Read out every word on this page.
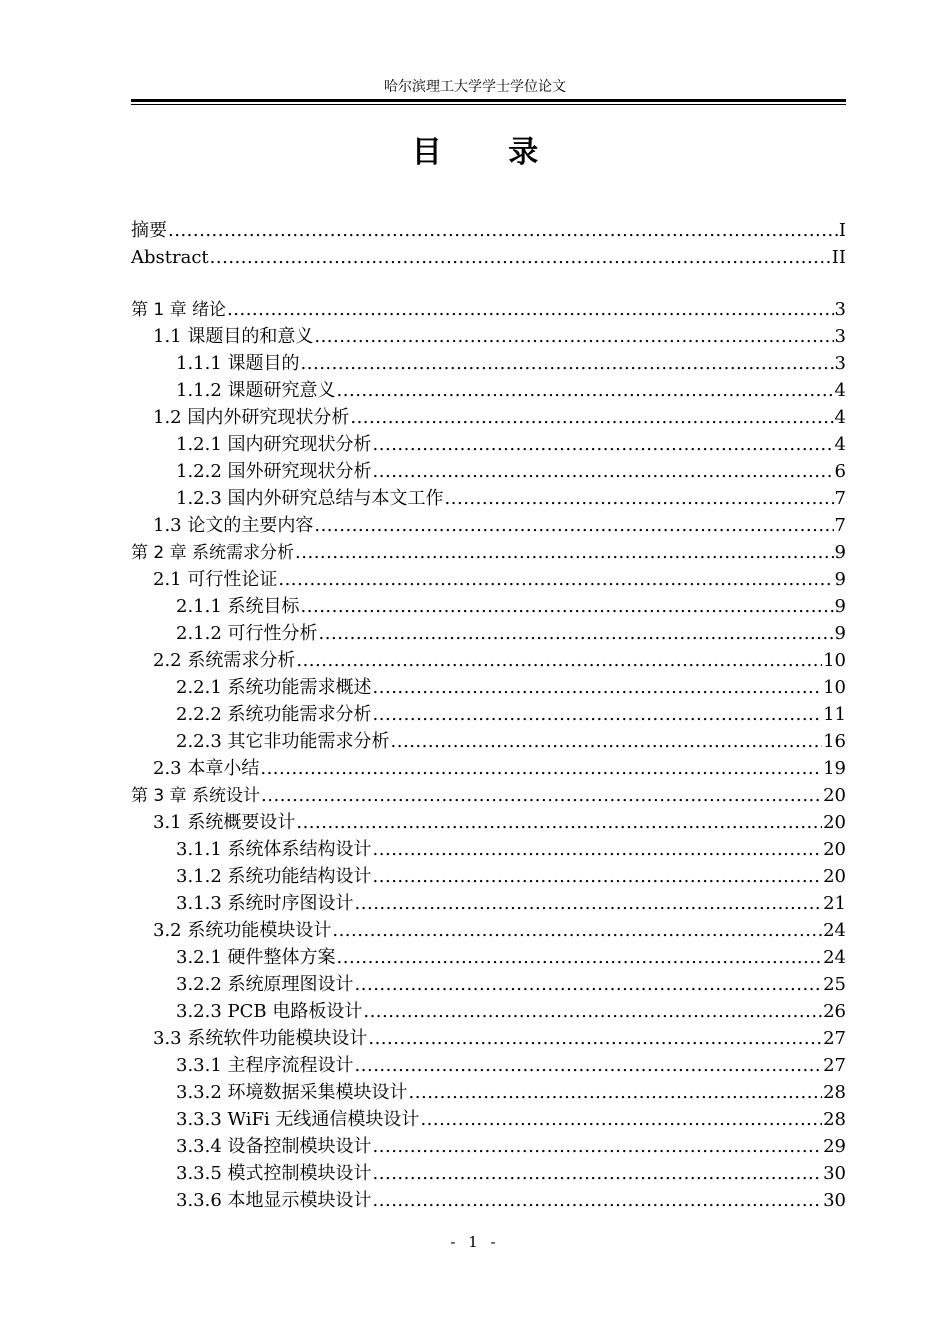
哈尔滨理工大学学士学位论文
目 录
摘要 .....	I
Abstract .....	II
第 1 章 绪论 .....	3
1.1 课题目的和意义 .....	3
1.1.1 课题目的 .....	3
1.1.2 课题研究意义 .....	4
1.2 国内外研究现状分析 .....	4
1.2.1 国内研究现状分析 .....	4
1.2.2 国外研究现状分析 .....	6
1.2.3 国内外研究总结与本文工作 .....	7
1.3 论文的主要内容 .....	7
第 2 章 系统需求分析 .....	9
2.1 可行性论证 .....	9
2.1.1 系统目标 .....	9
2.1.2 可行性分析 .....	9
2.2 系统需求分析 .....	10
2.2.1 系统功能需求概述 .....	10
2.2.2 系统功能需求分析 .....	11
2.2.3 其它非功能需求分析 .....	16
2.3 本章小结 .....	19
第 3 章 系统设计 .....	20
3.1 系统概要设计 .....	20
3.1.1 系统体系结构设计 .....	20
3.1.2 系统功能结构设计 .....	20
3.1.3 系统时序图设计 .....	21
3.2 系统功能模块设计 .....	24
3.2.1 硬件整体方案 .....	24
3.2.2 系统原理图设计 .....	25
3.2.3 PCB 电路板设计 .....	26
3.3 系统软件功能模块设计 .....	27
3.3.1 主程序流程设计 .....	27
3.3.2 环境数据采集模块设计 .....	28
3.3.3 WiFi 无线通信模块设计 .....	28
3.3.4 设备控制模块设计 .....	29
3.3.5 模式控制模块设计 .....	30
3.3.6 本地显示模块设计 .....	30
- 1 -
